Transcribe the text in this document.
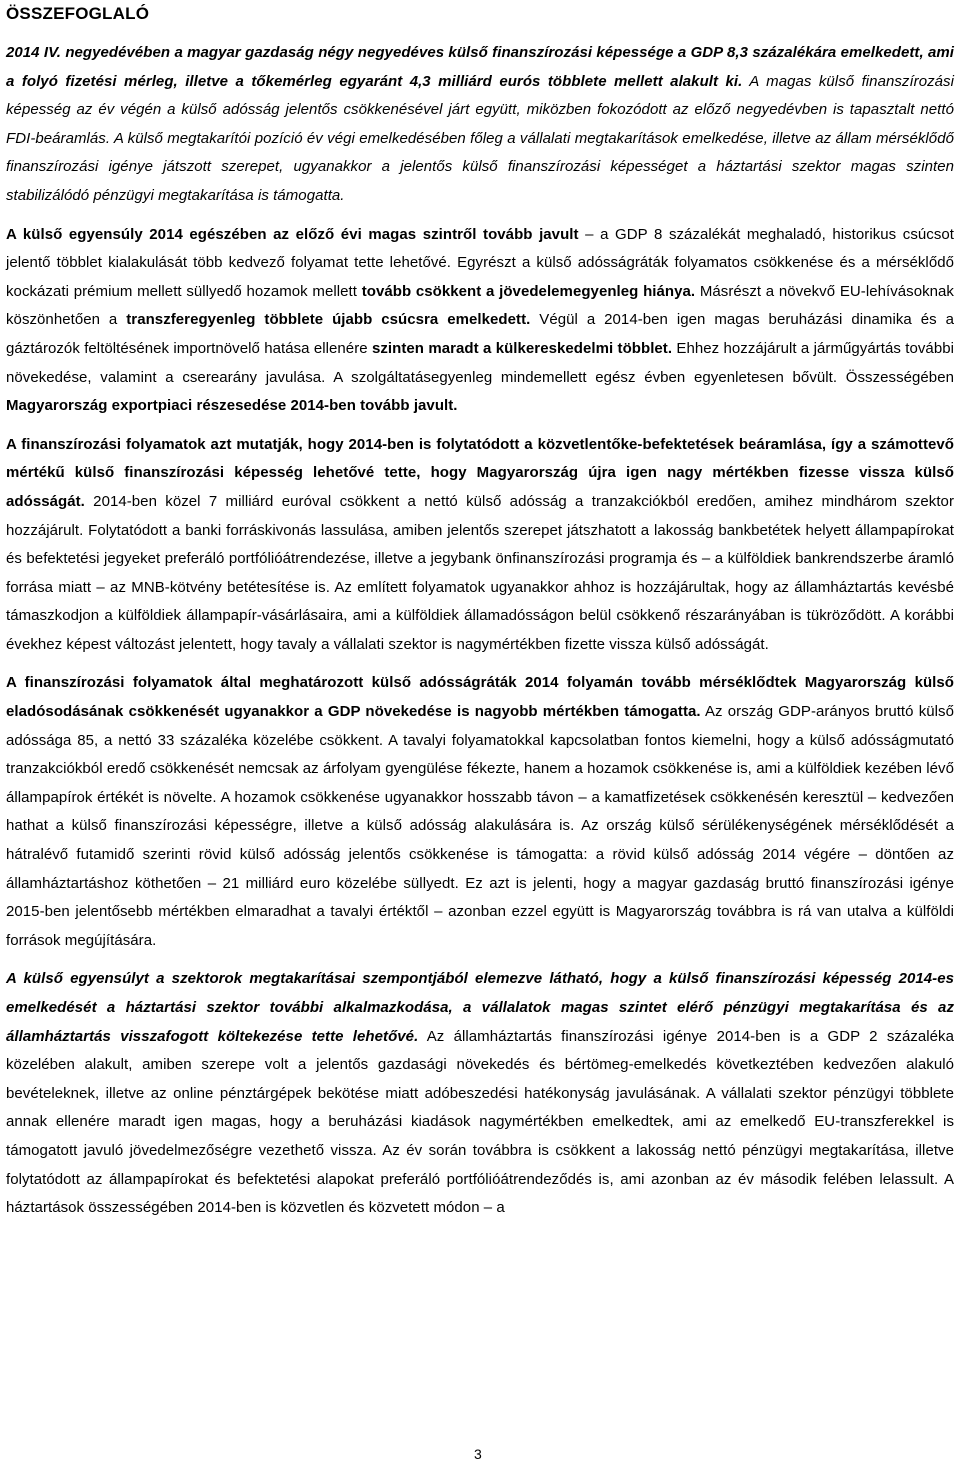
ÖSSZEFOGLALÓ

2014 IV. negyedévében a magyar gazdaság négy negyedéves külső finanszírozási képessége a GDP 8,3 százalékára emelkedett, ami a folyó fizetési mérleg, illetve a tőkemérleg egyaránt 4,3 milliárd eurós többlete mellett alakult ki. A magas külső finanszírozási képesség az év végén a külső adósság jelentős csökkenésével járt együtt, miközben fokozódott az előző negyedévben is tapasztalt nettó FDI-beáramlás. A külső megtakarítói pozíció év végi emelkedésében főleg a vállalati megtakarítások emelkedése, illetve az állam mérséklődő finanszírozási igénye játszott szerepet, ugyanakkor a jelentős külső finanszírozási képességet a háztartási szektor magas szinten stabilizálódó pénzügyi megtakarítása is támogatta.

A külső egyensúly 2014 egészében az előző évi magas szintről tovább javult – a GDP 8 százalékát meghaladó, historikus csúcsot jelentő többlet kialakulását több kedvező folyamat tette lehetővé. Egyrészt a külső adósságráták folyamatos csökkenése és a mérséklődő kockázati prémium mellett süllyedő hozamok mellett tovább csökkent a jövedelemegyenleg hiánya. Másrészt a növekvő EU-lehívásoknak köszönhetően a transzferegyenleg többlete újabb csúcsra emelkedett. Végül a 2014-ben igen magas beruházási dinamika és a gáztározók feltöltésének importnövelő hatása ellenére szinten maradt a külkereskedelmi többlet. Ehhez hozzájárult a járműgyártás további növekedése, valamint a cserearány javulása. A szolgáltatásegyenleg mindemellett egész évben egyenletesen bővült. Összességében Magyarország exportpiaci részesedése 2014-ben tovább javult.

A finanszírozási folyamatok azt mutatják, hogy 2014-ben is folytatódott a közvetlentőke-befektetések beáramlása, így a számottevő mértékű külső finanszírozási képesség lehetővé tette, hogy Magyarország újra igen nagy mértékben fizesse vissza külső adósságát. 2014-ben közel 7 milliárd euróval csökkent a nettó külső adósság a tranzakciókból eredően, amihez mindhárom szektor hozzájárult. Folytatódott a banki forráskivonás lassulása, amiben jelentős szerepet játszhatott a lakosság bankbetétek helyett állampapírokat és befektetési jegyeket preferáló portfólióátrendezése, illetve a jegybank önfinanszírozási programja és – a külföldiek bankrendszerbe áramló forrása miatt – az MNB-kötvény betétesítése is. Az említett folyamatok ugyanakkor ahhoz is hozzájárultak, hogy az államháztartás kevésbé támaszkodjon a külföldiek állampapír-vásárlásaira, ami a külföldiek államadósságon belül csökkenő részarányában is tükröződött. A korábbi évekhez képest változást jelentett, hogy tavaly a vállalati szektor is nagymértékben fizette vissza külső adósságát.

A finanszírozási folyamatok által meghatározott külső adósságráták 2014 folyamán tovább mérséklődtek Magyarország külső eladósodásának csökkenését ugyanakkor a GDP növekedése is nagyobb mértékben támogatta. Az ország GDP-arányos bruttó külső adóssága 85, a nettó 33 százaléka közelébe csökkent. A tavalyi folyamatokkal kapcsolatban fontos kiemelni, hogy a külső adósságmutató tranzakciókból eredő csökkenését nemcsak az árfolyam gyengülése fékezte, hanem a hozamok csökkenése is, ami a külföldiek kezében lévő állampapírok értékét is növelte. A hozamok csökkenése ugyanakkor hosszabb távon – a kamatfizetések csökkenésén keresztül – kedvezően hathat a külső finanszírozási képességre, illetve a külső adósság alakulására is. Az ország külső sérülékenységének mérséklődését a hátralévő futamidő szerinti rövid külső adósság jelentős csökkenése is támogatta: a rövid külső adósság 2014 végére – döntően az államháztartáshoz köthetően – 21 milliárd euro közelébe süllyedt. Ez azt is jelenti, hogy a magyar gazdaság bruttó finanszírozási igénye 2015-ben jelentősebb mértékben elmaradhat a tavalyi értéktől – azonban ezzel együtt is Magyarország továbbra is rá van utalva a külföldi források megújítására.

A külső egyensúlyt a szektorok megtakarításai szempontjából elemezve látható, hogy a külső finanszírozási képesség 2014-es emelkedését a háztartási szektor további alkalmazkodása, a vállalatok magas szintet elérő pénzügyi megtakarítása és az államháztartás visszafogott költekezése tette lehetővé. Az államháztartás finanszírozási igénye 2014-ben is a GDP 2 százaléka közelében alakult, amiben szerepe volt a jelentős gazdasági növekedés és bértömeg-emelkedés következtében kedvezően alakuló bevételeknek, illetve az online pénztárgépek bekötése miatt adóbeszedési hatékonyság javulásának. A vállalati szektor pénzügyi többlete annak ellenére maradt igen magas, hogy a beruházási kiadások nagymértékben emelkedtek, ami az emelkedő EU-transzferekkel is támogatott javuló jövedelmezőségre vezethető vissza. Az év során továbbra is csökkent a lakosság nettó pénzügyi megtakarítása, illetve folytatódott az állampapírokat és befektetési alapokat preferáló portfólióátrendeződés is, ami azonban az év második felében lelassult. A háztartások összességében 2014-ben is közvetlen és közvetett módon – a

3
